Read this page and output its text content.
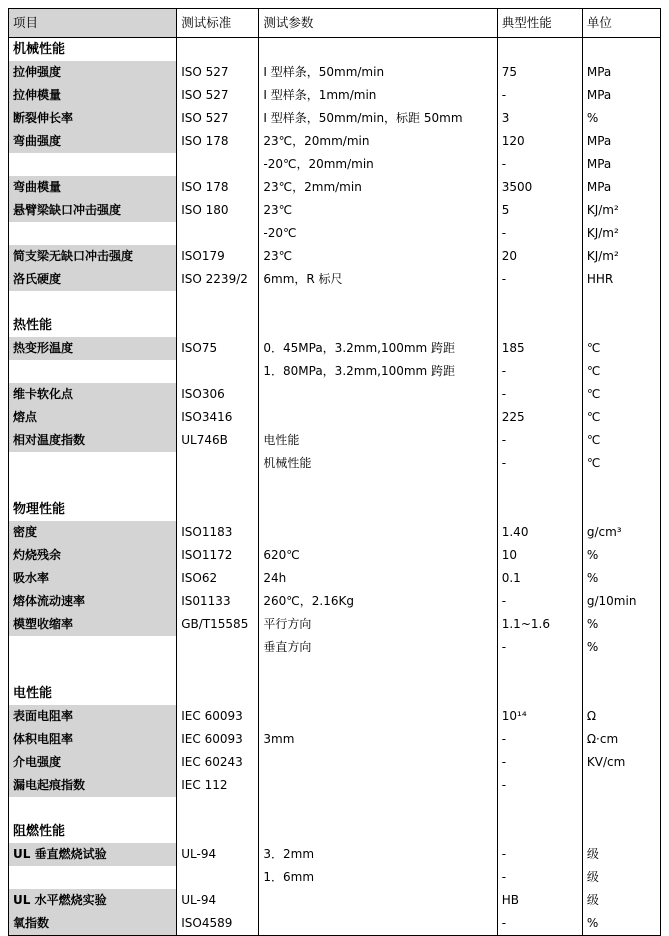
项目	测试标准	测试参数	典型性能	单位
机械性能				
拉伸强度	ISO 527	I 型样条，50mm/min	75	MPa
拉伸模量	ISO 527	I 型样条，1mm/min	-	MPa
断裂伸长率	ISO 527	I 型样条，50mm/min，标距 50mm	3	%
弯曲强度	ISO 178	23℃，20mm/min	120	MPa
		-20℃，20mm/min	-	MPa
弯曲模量	ISO 178	23℃，2mm/min	3500	MPa
悬臂梁缺口冲击强度	ISO 180	23℃	5	KJ/m²
		-20℃	-	KJ/m²
简支梁无缺口冲击强度	ISO179	23℃	20	KJ/m²
洛氏硬度	ISO 2239/2	6mm，R 标尺	-	HHR

热性能				
热变形温度	ISO75	0．45MPa，3.2mm,100mm 跨距	185	℃
		1．80MPa，3.2mm,100mm 跨距	-	℃
维卡软化点	ISO306		-	℃
熔点	ISO3416		225	℃
相对温度指数	UL746B	电性能	-	℃
		机械性能	-	℃

物理性能				
密度	ISO1183		1.40	g/cm³
灼烧残余	ISO1172	620℃	10	%
吸水率	ISO62	24h	0.1	%
熔体流动速率	IS01133	260℃，2.16Kg	-	g/10min
模塑收缩率	GB/T15585	平行方向	1.1~1.6	%
		垂直方向	-	%

电性能				
表面电阻率	IEC 60093		10¹⁴	Ω
体积电阻率	IEC 60093	3mm	-	Ω·cm
介电强度	IEC 60243		-	KV/cm
漏电起痕指数	IEC 112		-	

阻燃性能				
UL 垂直燃烧试验	UL-94	3．2mm	-	级
		1．6mm	-	级
UL 水平燃烧实验	UL-94		HB	级
氧指数	ISO4589		-	%
